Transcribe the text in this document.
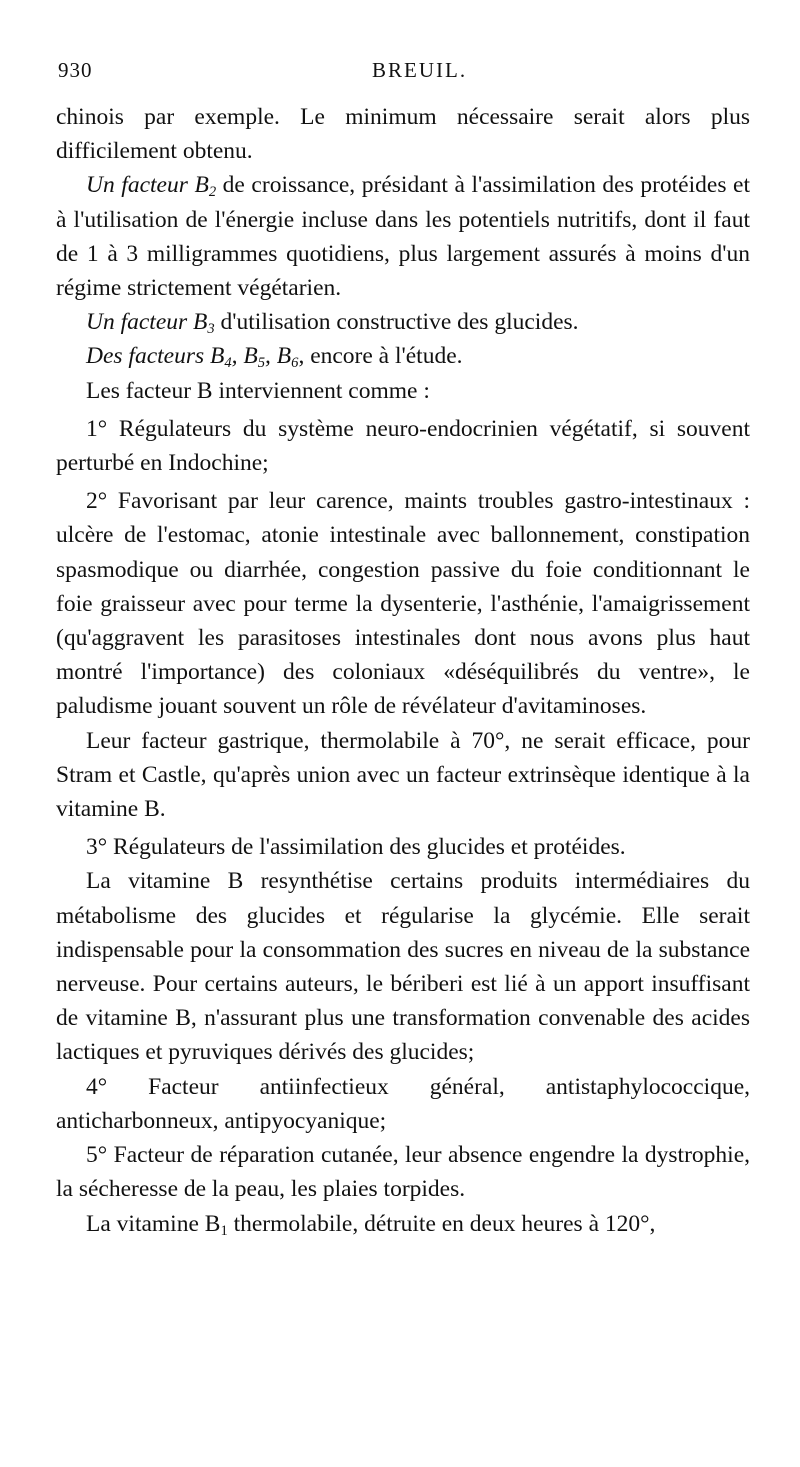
930	BREUIL.

chinois par exemple. Le minimum nécessaire serait alors plus difficilement obtenu.

Un facteur $B_2$ de croissance, présidant à l'assimilation des protéides et à l'utilisation de l'énergie incluse dans les potentiels nutritifs, dont il faut de 1 à 3 milligrammes quotidiens, plus largement assurés à moins d'un régime strictement végétarien.

Un facteur $B_3$ d'utilisation constructive des glucides.

Des facteurs $B_4$, $B_5$, $B_6$, encore à l'étude.

Les facteur B interviennent comme :

1° Régulateurs du système neuro-endocrinien végétatif, si souvent perturbé en Indochine;

2° Favorisant par leur carence, maints troubles gastro-intestinaux : ulcère de l'estomac, atonie intestinale avec ballonnement, constipation spasmodique ou diarrhée, congestion passive du foie conditionnant le foie graisseur avec pour terme la dysenterie, l'asthénie, l'amaigrissement (qu'aggravent les parasitoses intestinales dont nous avons plus haut montré l'importance) des coloniaux «déséquilibrés du ventre», le paludisme jouant souvent un rôle de révélateur d'avitaminoses.

Leur facteur gastrique, thermolabile à 70°, ne serait efficace, pour Stram et Castle, qu'après union avec un facteur extrinsèque identique à la vitamine B.

3° Régulateurs de l'assimilation des glucides et protéides.

La vitamine B resynthétise certains produits intermédiaires du métabolisme des glucides et régularise la glycémie. Elle serait indispensable pour la consommation des sucres en niveau de la substance nerveuse. Pour certains auteurs, le bériberi est lié à un apport insuffisant de vitamine B, n'assurant plus une transformation convenable des acides lactiques et pyruviques dérivés des glucides;

4° Facteur antiinfectieux général, antistaphylococcique, anticharbonneux, antipyocyanique;

5° Facteur de réparation cutanée, leur absence engendre la dystrophie, la sécheresse de la peau, les plaies torpides.

La vitamine $B_1$ thermolabile, détruite en deux heures à 120°,
